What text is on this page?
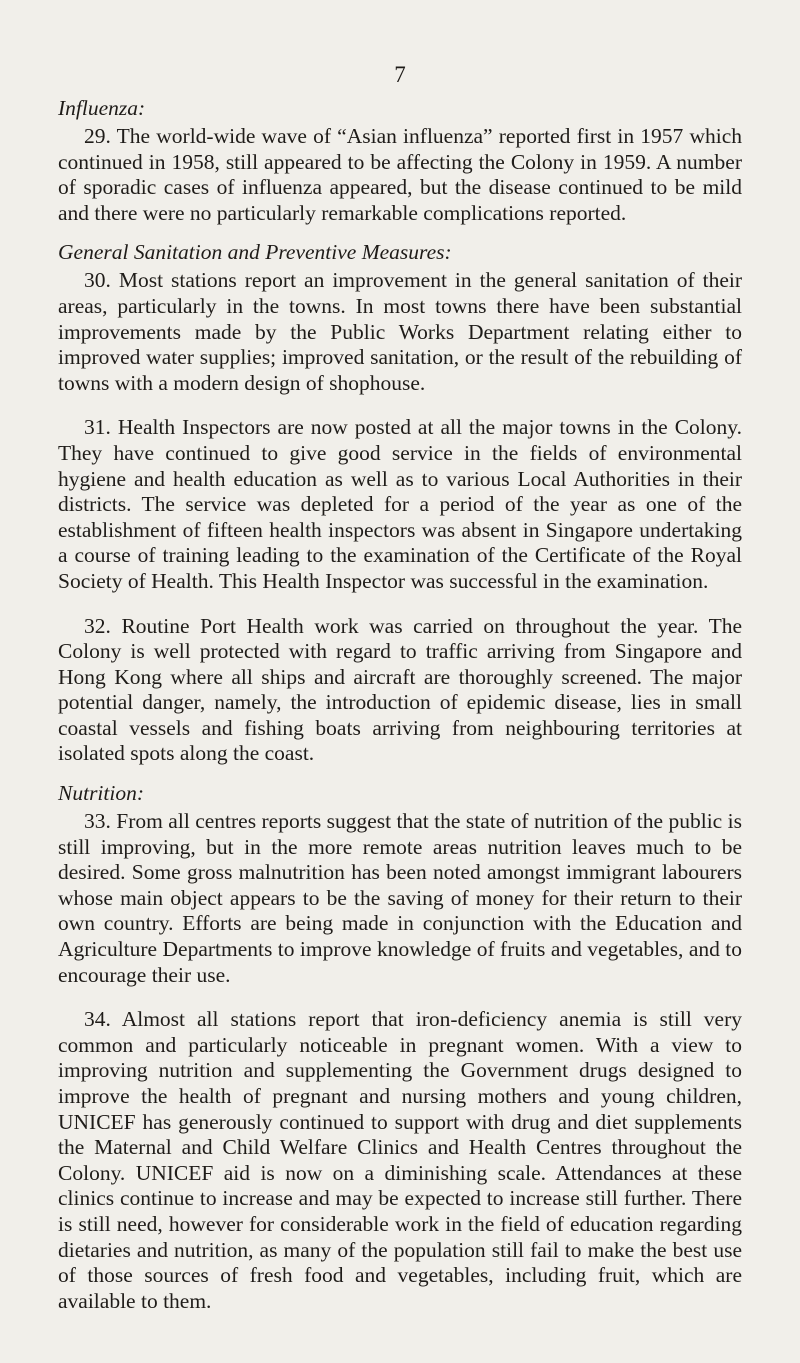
7
Influenza:

29. The world-wide wave of “Asian influenza” reported first in 1957 which continued in 1958, still appeared to be affecting the Colony in 1959. A number of sporadic cases of influenza appeared, but the disease continued to be mild and there were no particularly remarkable complications reported.

General Sanitation and Preventive Measures:

30. Most stations report an improvement in the general sanitation of their areas, particularly in the towns. In most towns there have been substantial improvements made by the Public Works Department relating either to improved water supplies; improved sanitation, or the result of the rebuilding of towns with a modern design of shophouse.

31. Health Inspectors are now posted at all the major towns in the Colony. They have continued to give good service in the fields of environmental hygiene and health education as well as to various Local Authorities in their districts. The service was depleted for a period of the year as one of the establishment of fifteen health inspectors was absent in Singapore undertaking a course of training leading to the examination of the Certificate of the Royal Society of Health. This Health Inspector was successful in the examination.

32. Routine Port Health work was carried on throughout the year. The Colony is well protected with regard to traffic arriving from Singapore and Hong Kong where all ships and aircraft are thoroughly screened. The major potential danger, namely, the introduction of epidemic disease, lies in small coastal vessels and fishing boats arriving from neighbouring territories at isolated spots along the coast.

Nutrition:

33. From all centres reports suggest that the state of nutrition of the public is still improving, but in the more remote areas nutrition leaves much to be desired. Some gross malnutrition has been noted amongst immigrant labourers whose main object appears to be the saving of money for their return to their own country. Efforts are being made in conjunction with the Education and Agriculture Departments to improve knowledge of fruits and vegetables, and to encourage their use.

34. Almost all stations report that iron-deficiency anemia is still very common and particularly noticeable in pregnant women. With a view to improving nutrition and supplementing the Government drugs designed to improve the health of pregnant and nursing mothers and young children, UNICEF has generously continued to support with drug and diet supplements the Maternal and Child Welfare Clinics and Health Centres throughout the Colony. UNICEF aid is now on a diminishing scale. Attendances at these clinics continue to increase and may be expected to increase still further. There is still need, however for considerable work in the field of education regarding dietaries and nutrition, as many of the population still fail to make the best use of those sources of fresh food and vegetables, including fruit, which are available to them.
